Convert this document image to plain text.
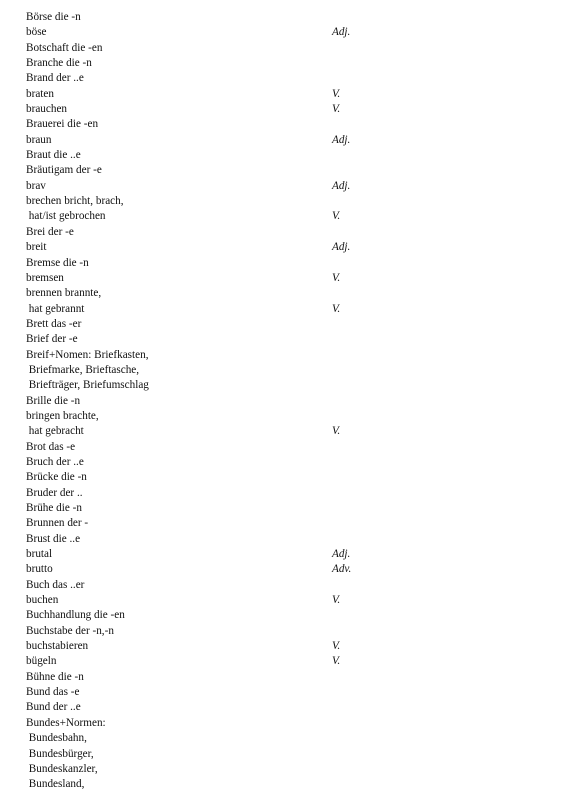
Börse die -n
böse	Adj.
Botschaft die -en
Branche die -n
Brand der ..e
braten	V.
brauchen	V.
Brauerei die -en
braun	Adj.
Braut die ..e
Bräutigam der -e
brav	Adj.
brechen bricht, brach,
hat/ist gebrochen	V.
Brei der -e
breit	Adj.
Bremse die -n
bremsen	V.
brennen brannte,
hat gebrannt	V.
Brett das -er
Brief der -e
Breif+Nomen: Briefkasten,
Briefmarke, Brieftasche,
Briefträger, Briefumschlag
Brille die -n
bringen brachte,
hat gebracht	V.
Brot das -e
Bruch der ..e
Brücke die -n
Bruder der ..
Brühe die -n
Brunnen der -
Brust die ..e
brutal	Adj.
brutto	Adv.
Buch das ..er
buchen	V.
Buchhandlung die -en
Buchstabe der -n,-n
buchstabieren	V.
bügeln	V.
Bühne die -n
Bund das -e
Bund der ..e
Bundes+Normen:
Bundesbahn,
Bundesbürger,
Bundeskanzler,
Bundesland,
